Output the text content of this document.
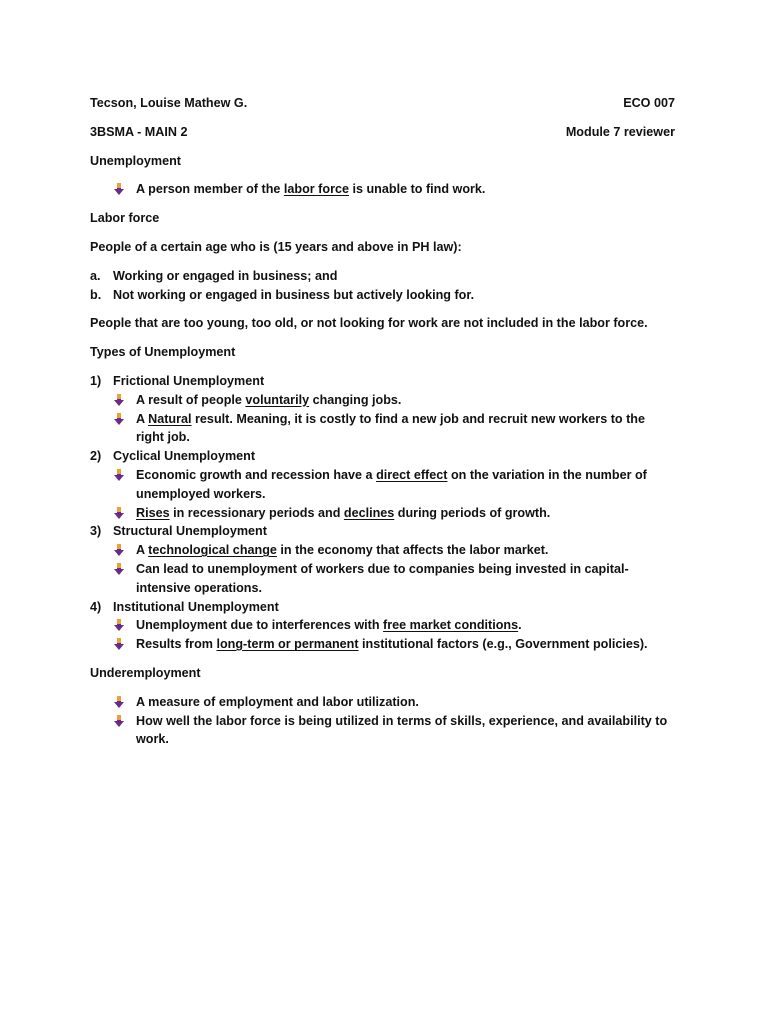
Tecson, Louise Mathew G.	ECO 007
3BSMA - MAIN 2	Module 7 reviewer
Unemployment
A person member of the labor force is unable to find work.
Labor force
People of a certain age who is (15 years and above in PH law):
a. Working or engaged in business; and
b. Not working or engaged in business but actively looking for.
People that are too young, too old, or not looking for work are not included in the labor force.
Types of Unemployment
1) Frictional Unemployment
A result of people voluntarily changing jobs.
A Natural result. Meaning, it is costly to find a new job and recruit new workers to the right job.
2) Cyclical Unemployment
Economic growth and recession have a direct effect on the variation in the number of unemployed workers.
Rises in recessionary periods and declines during periods of growth.
3) Structural Unemployment
A technological change in the economy that affects the labor market.
Can lead to unemployment of workers due to companies being invested in capital-intensive operations.
4) Institutional Unemployment
Unemployment due to interferences with free market conditions.
Results from long-term or permanent institutional factors (e.g., Government policies).
Underemployment
A measure of employment and labor utilization.
How well the labor force is being utilized in terms of skills, experience, and availability to work.
